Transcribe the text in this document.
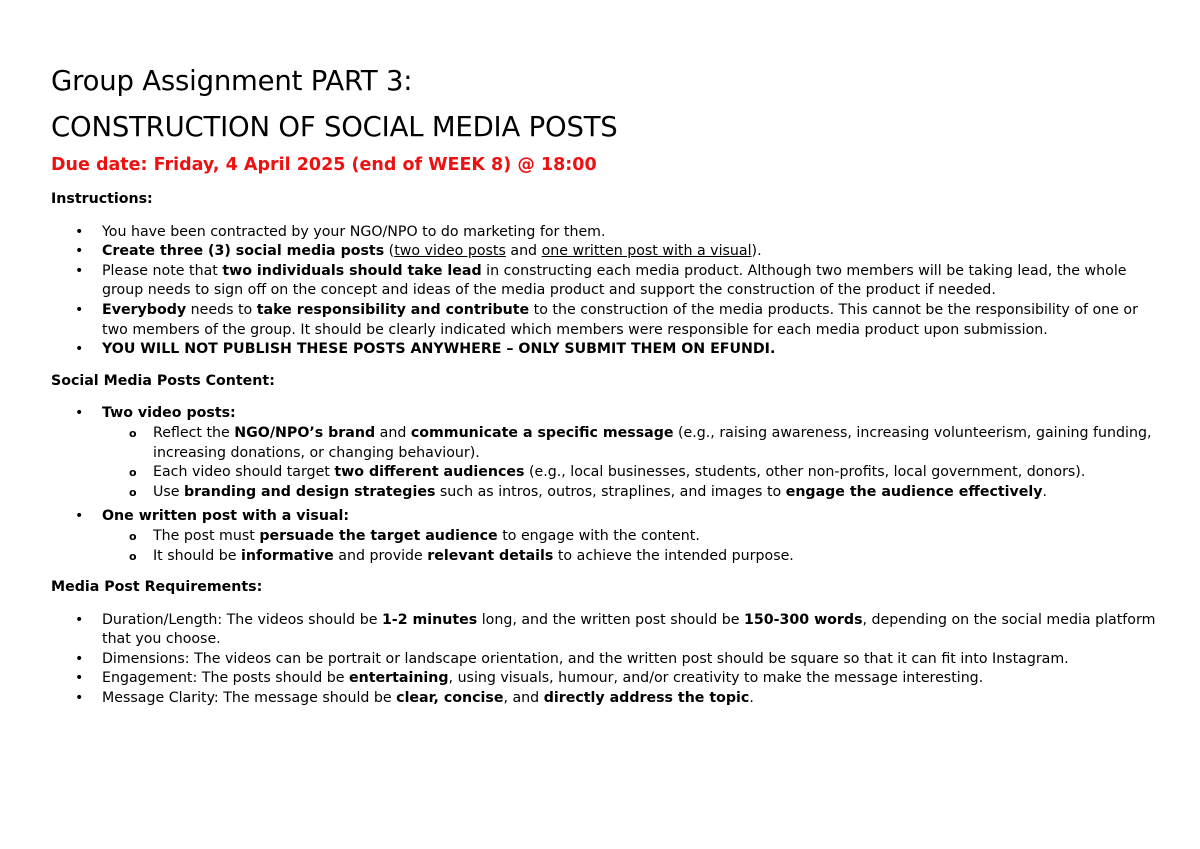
Group Assignment PART 3:
CONSTRUCTION OF SOCIAL MEDIA POSTS

Due date: Friday, 4 April 2025 (end of WEEK 8) @ 18:00

Instructions:

• You have been contracted by your NGO/NPO to do marketing for them.
• Create three (3) social media posts (two video posts and one written post with a visual).
• Please note that two individuals should take lead in constructing each media product. Although two members will be taking lead, the whole group needs to sign off on the concept and ideas of the media product and support the construction of the product if needed.
• Everybody needs to take responsibility and contribute to the construction of the media products. This cannot be the responsibility of one or two members of the group. It should be clearly indicated which members were responsible for each media product upon submission.
• YOU WILL NOT PUBLISH THESE POSTS ANYWHERE – ONLY SUBMIT THEM ON EFUNDI.

Social Media Posts Content:

• Two video posts:
o Reflect the NGO/NPO’s brand and communicate a specific message (e.g., raising awareness, increasing volunteerism, gaining funding, increasing donations, or changing behaviour).
o Each video should target two different audiences (e.g., local businesses, students, other non-profits, local government, donors).
o Use branding and design strategies such as intros, outros, straplines, and images to engage the audience effectively.
• One written post with a visual:
o The post must persuade the target audience to engage with the content.
o It should be informative and provide relevant details to achieve the intended purpose.

Media Post Requirements:

• Duration/Length: The videos should be 1-2 minutes long, and the written post should be 150-300 words, depending on the social media platform that you choose.
• Dimensions: The videos can be portrait or landscape orientation, and the written post should be square so that it can fit into Instagram.
• Engagement: The posts should be entertaining, using visuals, humour, and/or creativity to make the message interesting.
• Message Clarity: The message should be clear, concise, and directly address the topic.
